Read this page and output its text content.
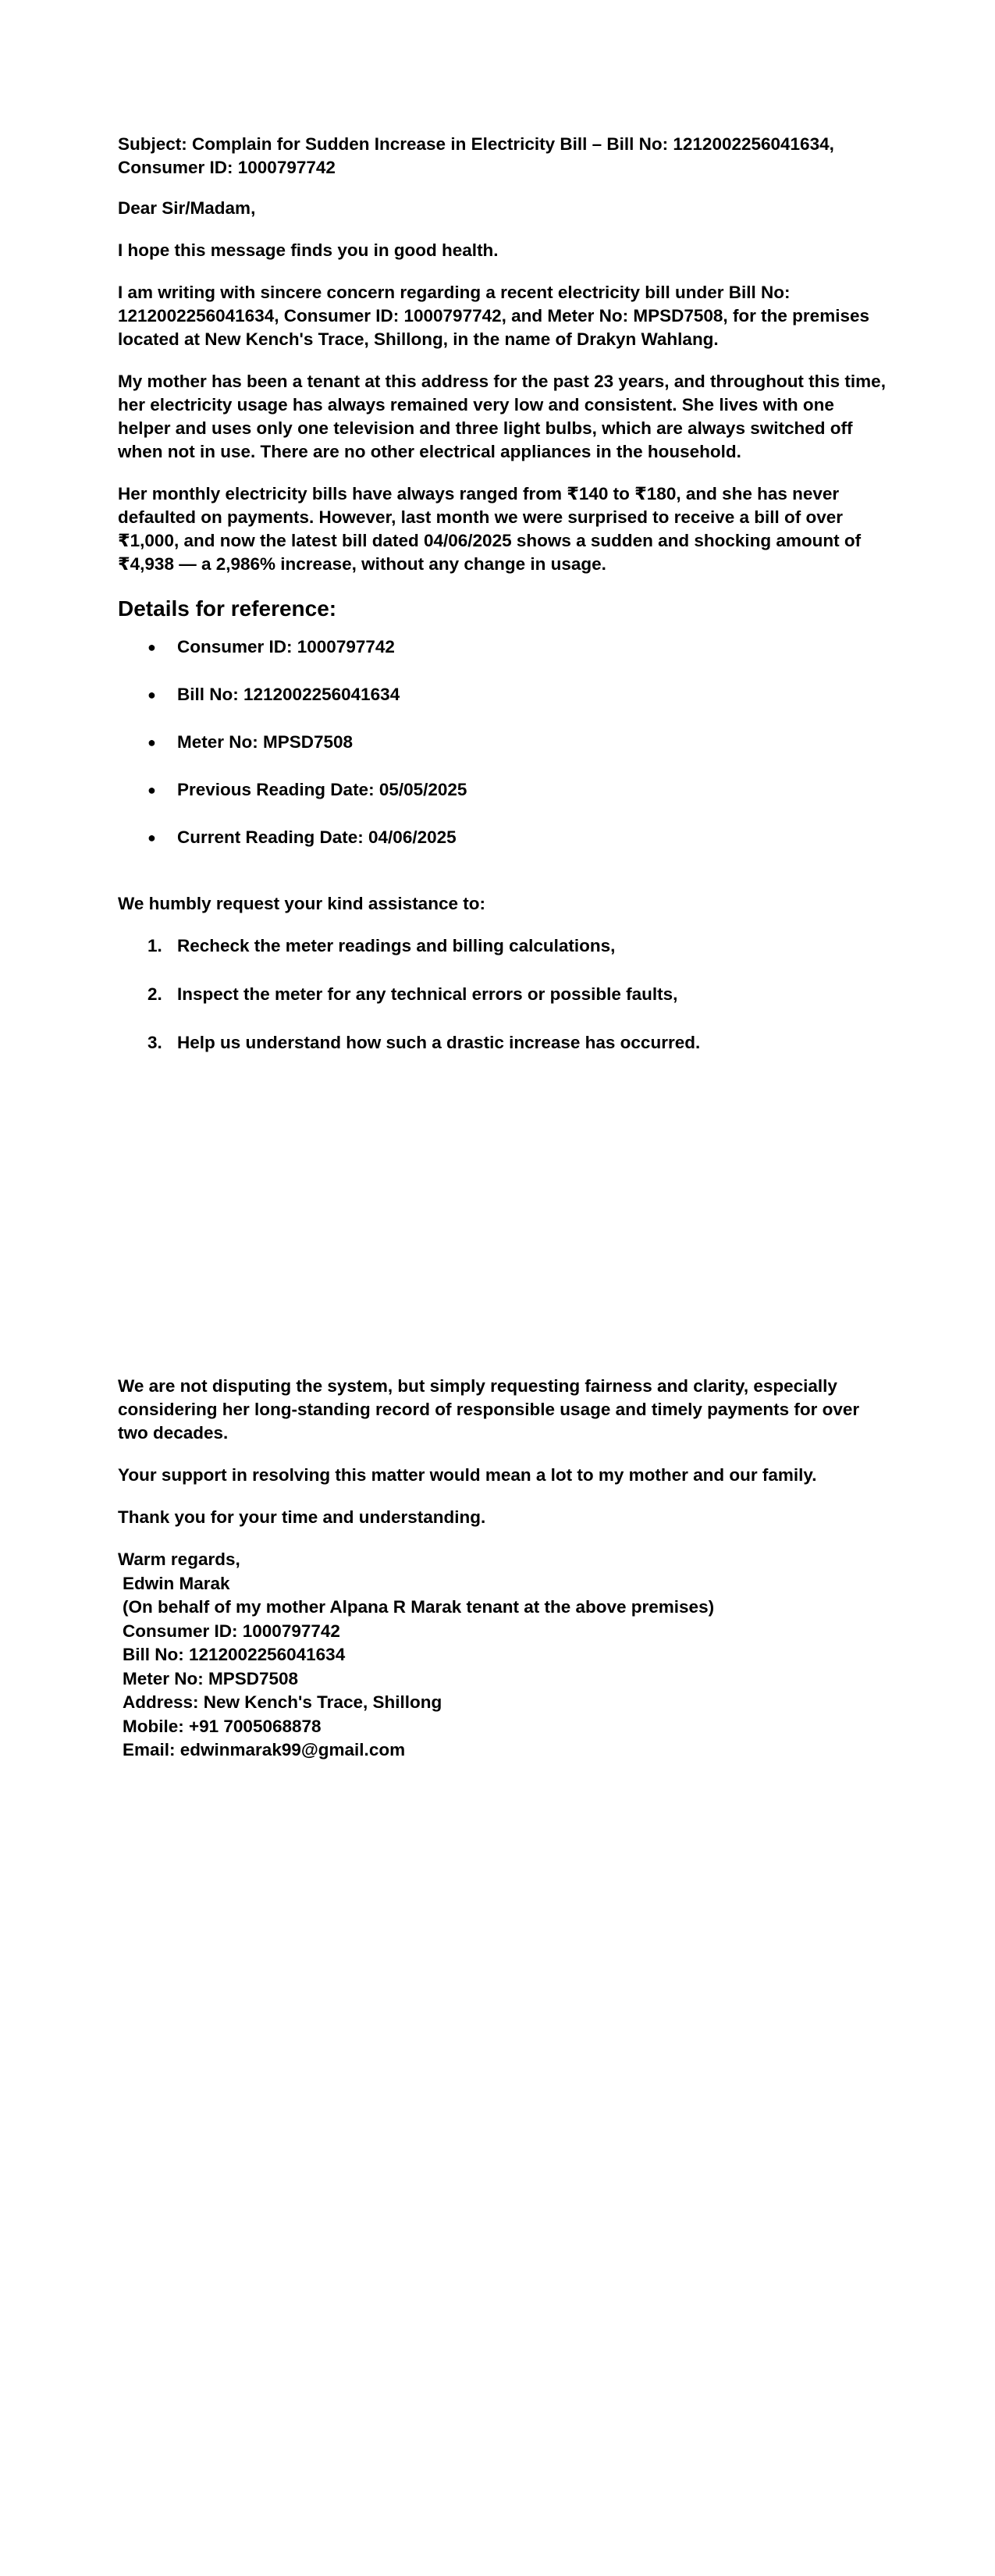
Subject: Complain for Sudden Increase in Electricity Bill – Bill No: 1212002256041634, Consumer ID: 1000797742

Dear Sir/Madam,

I hope this message finds you in good health.

I am writing with sincere concern regarding a recent electricity bill under Bill No: 1212002256041634, Consumer ID: 1000797742, and Meter No: MPSD7508, for the premises located at New Kench's Trace, Shillong, in the name of Drakyn Wahlang.

My mother has been a tenant at this address for the past 23 years, and throughout this time, her electricity usage has always remained very low and consistent. She lives with one helper and uses only one television and three light bulbs, which are always switched off when not in use. There are no other electrical appliances in the household.

Her monthly electricity bills have always ranged from ₹140 to ₹180, and she has never defaulted on payments. However, last month we were surprised to receive a bill of over ₹1,000, and now the latest bill dated 04/06/2025 shows a sudden and shocking amount of ₹4,938 — a 2,986% increase, without any change in usage.

Details for reference:
● Consumer ID: 1000797742
● Bill No: 1212002256041634
● Meter No: MPSD7508
● Previous Reading Date: 05/05/2025
● Current Reading Date: 04/06/2025

We humbly request your kind assistance to:

1. Recheck the meter readings and billing calculations,
2. Inspect the meter for any technical errors or possible faults,
3. Help us understand how such a drastic increase has occurred.

We are not disputing the system, but simply requesting fairness and clarity, especially considering her long-standing record of responsible usage and timely payments for over two decades.

Your support in resolving this matter would mean a lot to my mother and our family.

Thank you for your time and understanding.

Warm regards,
Edwin Marak
(On behalf of my mother Alpana R Marak tenant at the above premises)
Consumer ID: 1000797742
Bill No: 1212002256041634
Meter No: MPSD7508
Address: New Kench's Trace, Shillong
Mobile: +91 7005068878
Email: edwinmarak99@gmail.com
